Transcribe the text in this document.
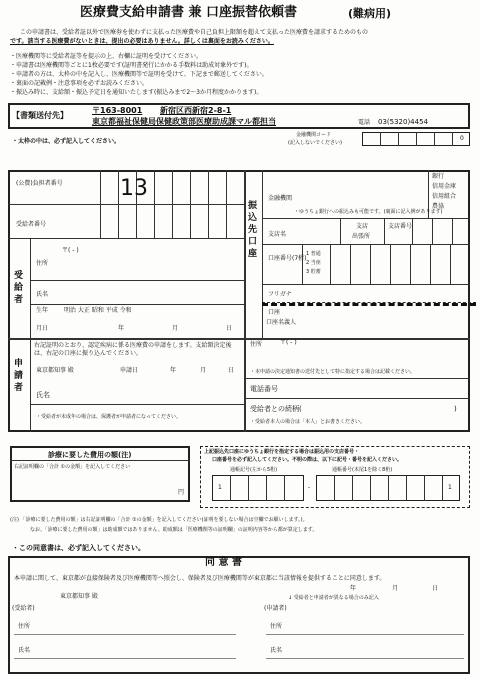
医療費支給申請書 兼 口座振替依頼書	(難病用)
この申請書は、受給者証以外で医療券を使わずに支払った医療費や自己負担上限額を超えて支払った医療費を請求するためのもの
です。該当する医療費がないときは、提出の必要はありません。詳しくは裏面をお読みください。
・医療機関等に受給者証等を提示の上、右欄に証明を受けてください。
・申請書は医療機関等ごとに1枚必要です(証明書発行にかかる手数料は助成対象外です)。
・申請者の方は、太枠の中を記入し、医療機関等で証明を受けて、下記まで郵送してください。
・裏面の記載例・注意事項を必ずお読みください。
・振込み時に、支給額・振込予定日を通知いたします(振込みまで2〜3か月程度かかります)。
【書類送付先】
〒163-8001 新宿区西新宿2-8-1
東京都福祉保健局保健政策部医療助成課マル都担当	電話 03(5320)4454
・太枠の中は、必ず記入してください。
金融機関コード
(記入しないでください)
0
(公費)負担者番号	13
受給者番号
受給者
住所
〒( - )
氏名
生年
月日
明治 大正 昭和 平成 令和
年	月	日
申請者
右記証明のとおり、認定疾病に係る医療費の申請をします。支給額決定後は、右記の口座に振り込んでください。
東京都知事 殿	申請日	年	月	日
氏名
・受給者が未成年の場合は、保護者が申請者になってください。
振込先口座
金融機関
銀行
信用金庫
信用組合
農協
・ゆうちょ銀行への振込みも可能です。(裏面に記入例があります)
支店名
支店
出張所
支店番号
口座番号(7桁)
1 普通
2 当座
3 貯蓄
フリガナ
口座
口座名義人
住所	〒( - )
・本申請の決定通知書の送付先として特に指定する場合は記載ください。
電話番号
受給者との続柄(	)
・受給者本人の場合は「本人」とお書きください。
診療に要した費用の額(注)
右記証明欄の「合計 ①の金額」を記入してください
円
上記振込先口座にゆうちょ銀行を指定する場合は振込用の支店番号・
口座番号を必ず記入してください。不明の際は、以下に記号・番号を記入ください。
通帳記号(左から5桁)	通帳番号(末尾1を除く8桁)
1	-	1
(注) 「診療に要した費用の額」は右記証明欄の「合計 ①の金額」を記入してください(証明を要しない場合は空欄でお願いします。)。
なお、「診療に要した費用の額」は助成額ではありません。助成額は「医療機関等の証明欄」の証明内容等から都が算定します。
・この同意書は、必ず記入してください。
同 意 書
本申請に関して、東京都が直接保険者及び医療機関等へ照会し、保険者及び医療機関等が東京都に当該情報を提供することに同意します。
東京都知事 殿
年	月	日
↓ 受給者と申請者が異なる場合のみ記入
(受給者)	(申請者)
住所	住所
氏名	氏名
